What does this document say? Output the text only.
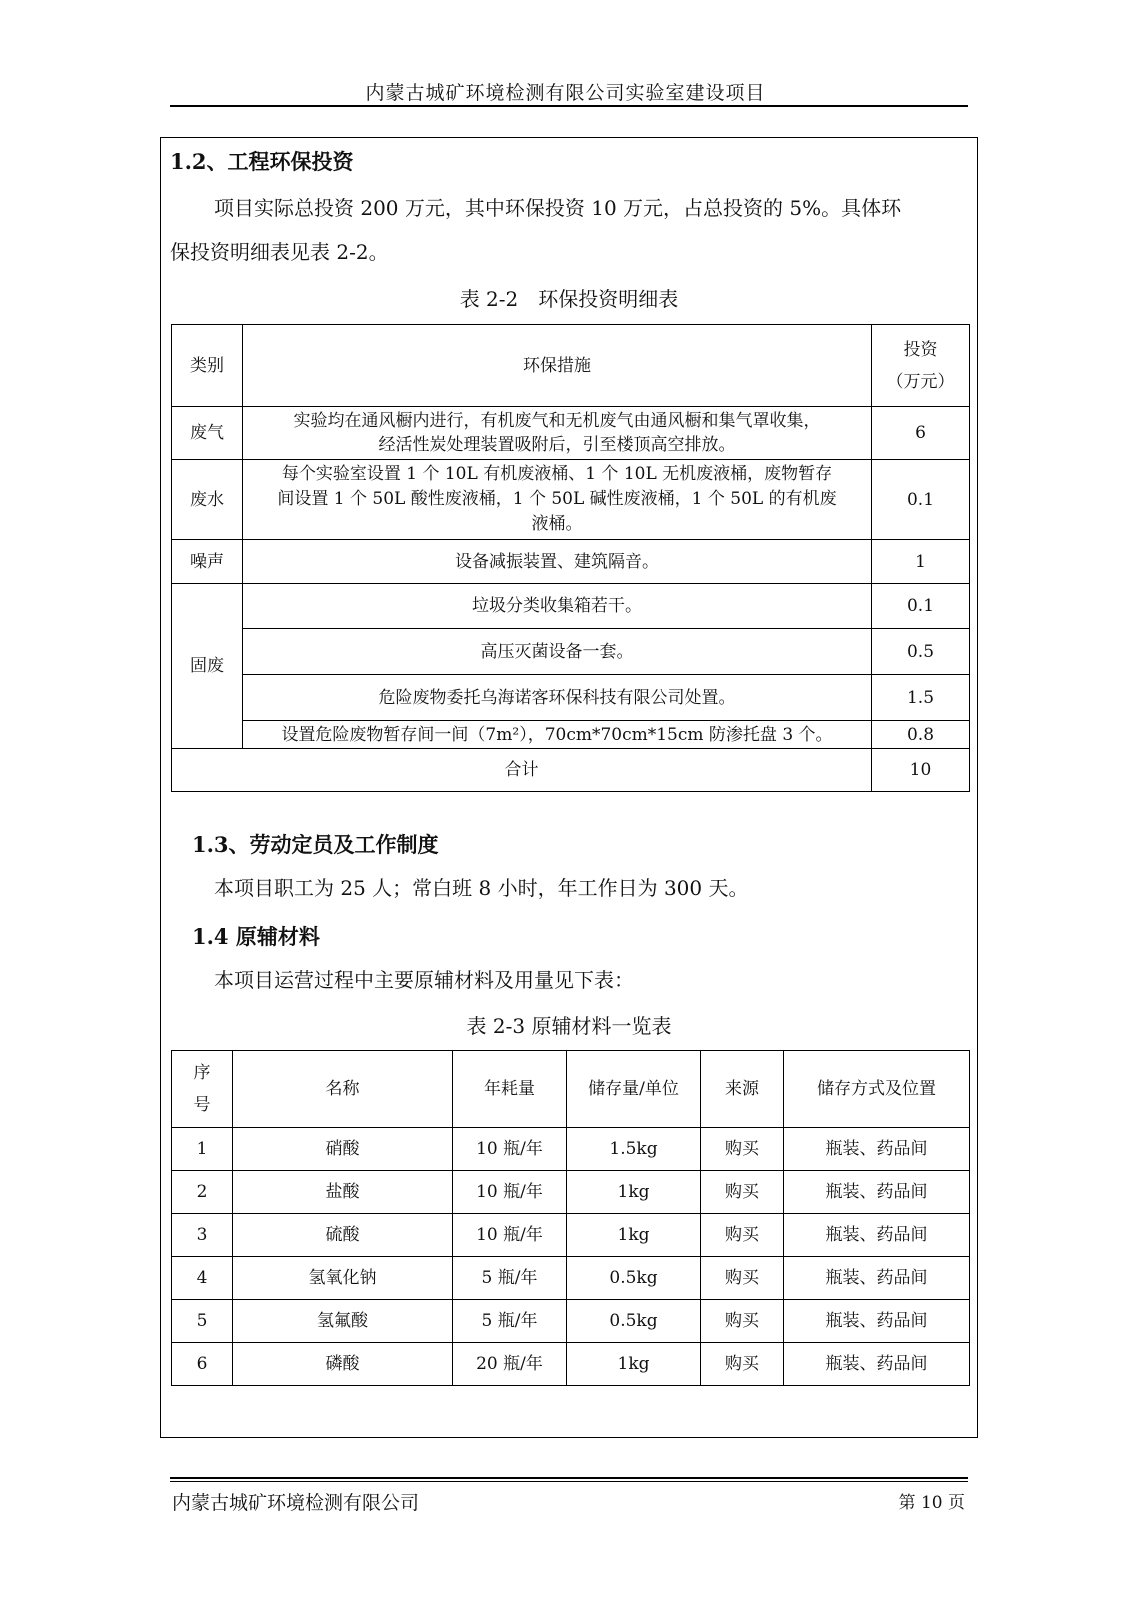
内蒙古城矿环境检测有限公司实验室建设项目
1.2、工程环保投资
项目实际总投资 200 万元，其中环保投资 10 万元，占总投资的 5%。具体环
保投资明细表见表 2-2。
表 2-2　环保投资明细表
类别	环保措施	投资
（万元）

废气	实验均在通风橱内进行，有机废气和无机废气由通风橱和集气罩收集，
经活性炭处理装置吸附后，引至楼顶高空排放。	6
废水	每个实验室设置 1 个 10L 有机废液桶、1 个 10L 无机废液桶，废物暂存
间设置 1 个 50L 酸性废液桶，1 个 50L 碱性废液桶，1 个 50L 的有机废
液桶。	0.1
噪声	设备减振装置、建筑隔音。	1
固废	垃圾分类收集箱若干。	0.1
	高压灭菌设备一套。	0.5
	危险废物委托乌海诺客环保科技有限公司处置。	1.5
	设置危险废物暂存间一间（7m²），70cm*70cm*15cm 防渗托盘 3 个。	0.8
合计		10
1.3、劳动定员及工作制度
本项目职工为 25 人；常白班 8 小时，年工作日为 300 天。
1.4 原辅材料
本项目运营过程中主要原辅材料及用量见下表：
表 2-3 原辅材料一览表
序
号	名称	年耗量	储存量/单位	来源	储存方式及位置
1	硝酸	10 瓶/年	1.5kg	购买	瓶装、药品间
2	盐酸	10 瓶/年	1kg	购买	瓶装、药品间
3	硫酸	10 瓶/年	1kg	购买	瓶装、药品间
4	氢氧化钠	5 瓶/年	0.5kg	购买	瓶装、药品间
5	氢氟酸	5 瓶/年	0.5kg	购买	瓶装、药品间
6	磷酸	20 瓶/年	1kg	购买	瓶装、药品间
内蒙古城矿环境检测有限公司	第 10 页
